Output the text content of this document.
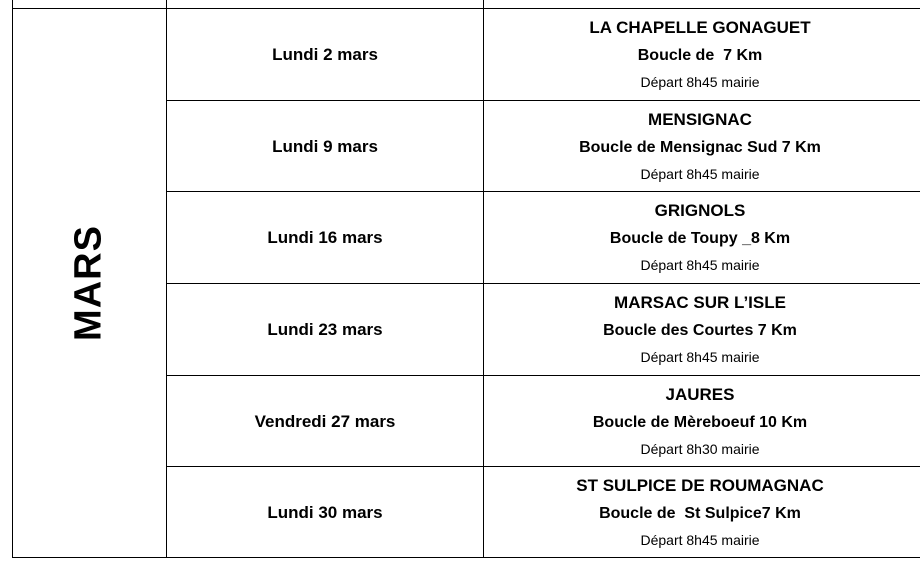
MARS
Lundi 2 mars
LA CHAPELLE GONAGUET
Boucle de  7 Km
Départ 8h45 mairie
Lundi 9 mars
MENSIGNAC
Boucle de Mensignac Sud 7 Km
Départ 8h45 mairie
Lundi 16 mars
GRIGNOLS
Boucle de Toupy _8 Km
Départ 8h45 mairie
Lundi 23 mars
MARSAC SUR L’ISLE
Boucle des Courtes 7 Km
Départ 8h45 mairie
Vendredi 27 mars
JAURES
Boucle de Mèreboeuf 10 Km
Départ 8h30 mairie
Lundi 30 mars
ST SULPICE DE ROUMAGNAC
Boucle de  St Sulpice7 Km
Départ 8h45 mairie
